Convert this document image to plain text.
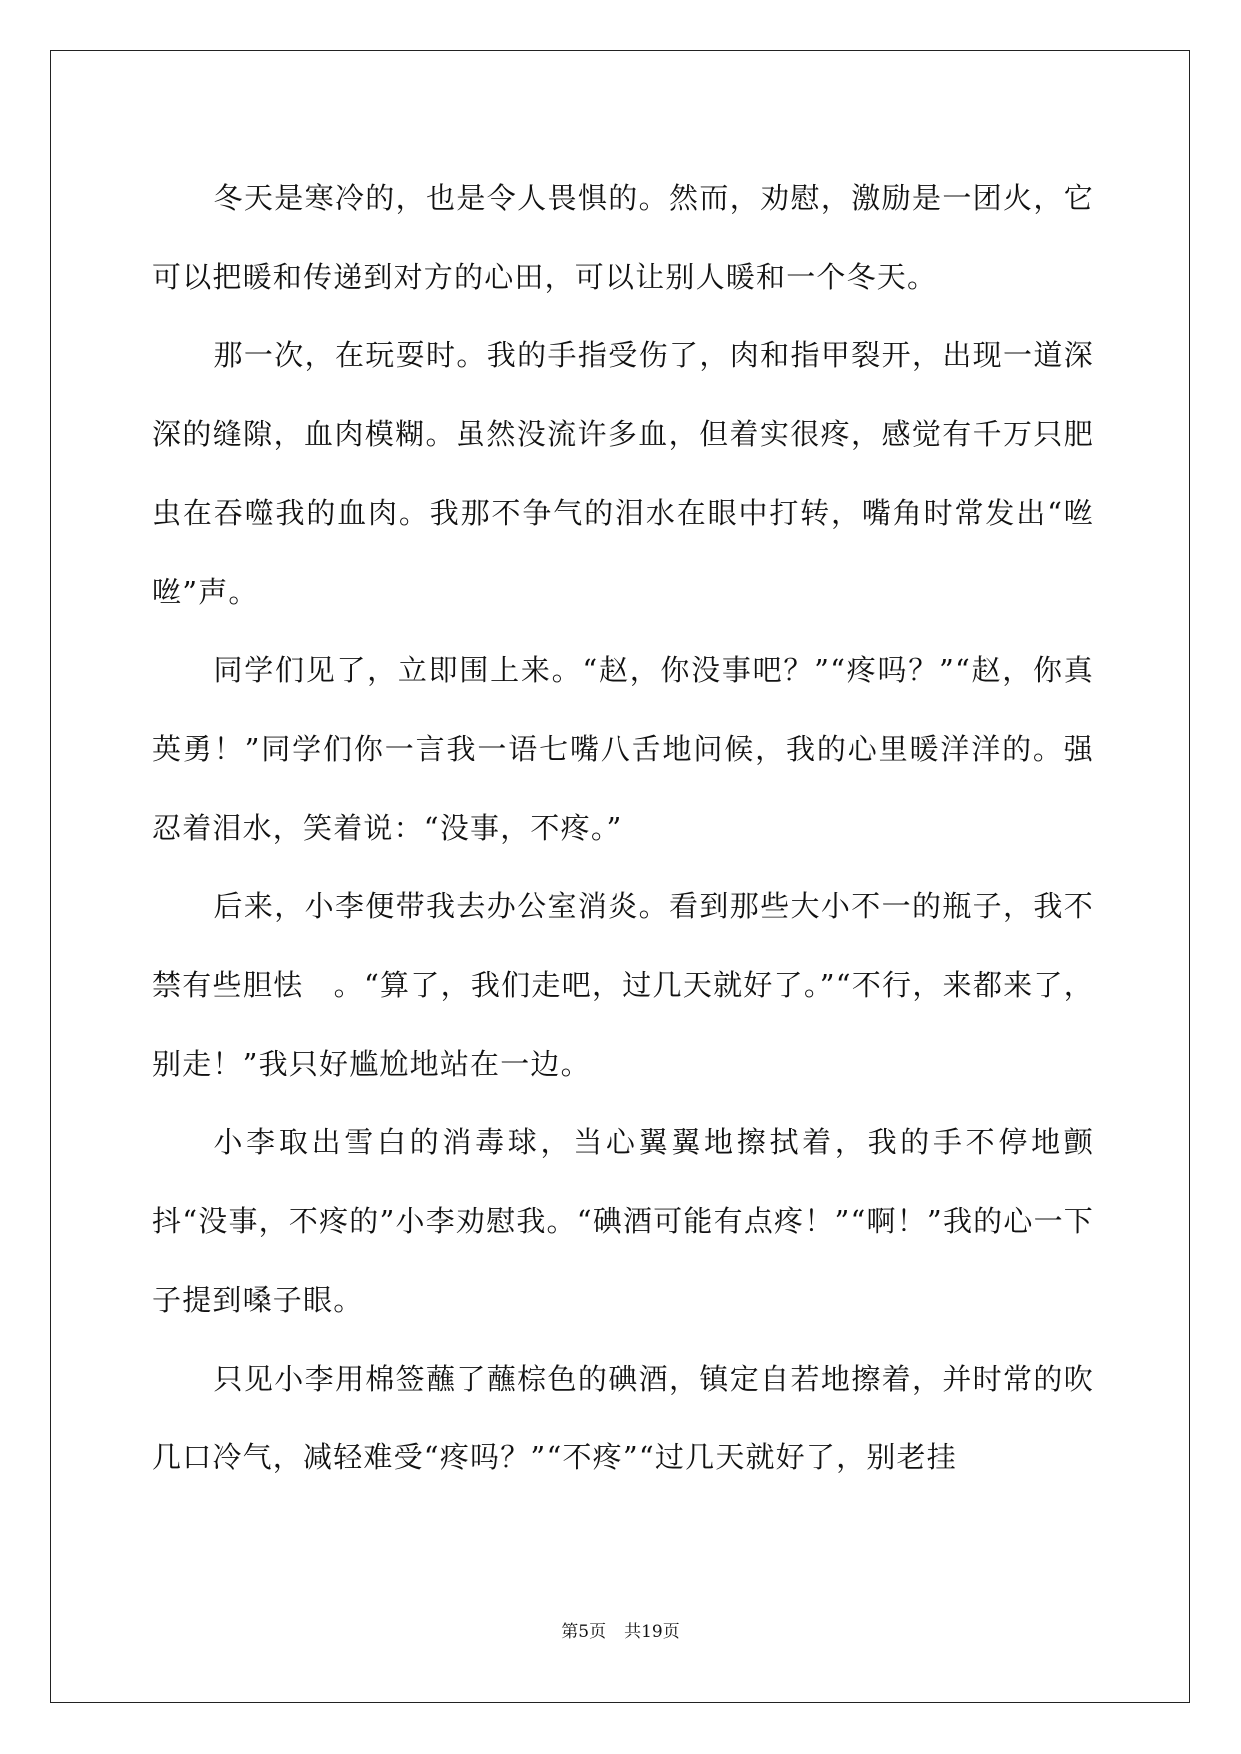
冬天是寒冷的，也是令人畏惧的。然而，劝慰，激励是一团火，它可以把暖和传递到对方的心田，可以让别人暖和一个冬天。

那一次，在玩耍时。我的手指受伤了，肉和指甲裂开，出现一道深深的缝隙，血肉模糊。虽然没流许多血，但着实很疼，感觉有千万只肥虫在吞噬我的血肉。我那不争气的泪水在眼中打转，嘴角时常发出“咝咝”声。

同学们见了，立即围上来。“赵，你没事吧？”“疼吗？”“赵，你真英勇！”同学们你一言我一语七嘴八舌地问候，我的心里暖洋洋的。强忍着泪水，笑着说：“没事，不疼。”

后来，小李便带我去办公室消炎。看到那些大小不一的瓶子，我不禁有些胆怯　。“算了，我们走吧，过几天就好了。”“不行，来都来了，别走！”我只好尴尬地站在一边。

小李取出雪白的消毒球，当心翼翼地擦拭着，我的手不停地颤抖“没事，不疼的”小李劝慰我。“碘酒可能有点疼！”“啊！”我的心一下子提到嗓子眼。

只见小李用棉签蘸了蘸棕色的碘酒，镇定自若地擦着，并时常的吹几口冷气，减轻难受“疼吗？”“不疼”“过几天就好了，别老挂

第5页 共19页
